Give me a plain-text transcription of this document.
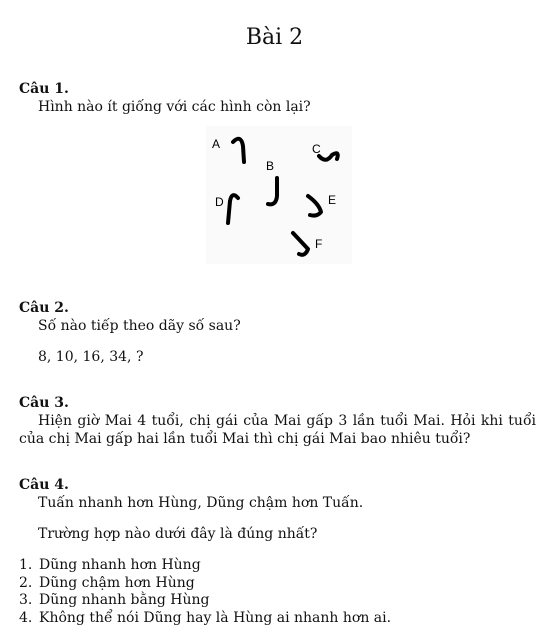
Bài 2
Câu 1.
Hình nào ít giống với các hình còn lại?
A
B
C
D	E
F
Câu 2.
Số nào tiếp theo dãy số sau?
8, 10, 16, 34, ?
Câu 3.
Hiện giờ Mai 4 tuổi, chị gái của Mai gấp 3 lần tuổi Mai. Hỏi khi tuổi của chị Mai gấp hai lần tuổi Mai thì chị gái Mai bao nhiêu tuổi?
Câu 4.
Tuấn nhanh hơn Hùng, Dũng chậm hơn Tuấn.
Trường hợp nào dưới đây là đúng nhất?
1. Dũng nhanh hơn Hùng
2. Dũng chậm hơn Hùng
3. Dũng nhanh bằng Hùng
4. Không thể nói Dũng hay là Hùng ai nhanh hơn ai.
